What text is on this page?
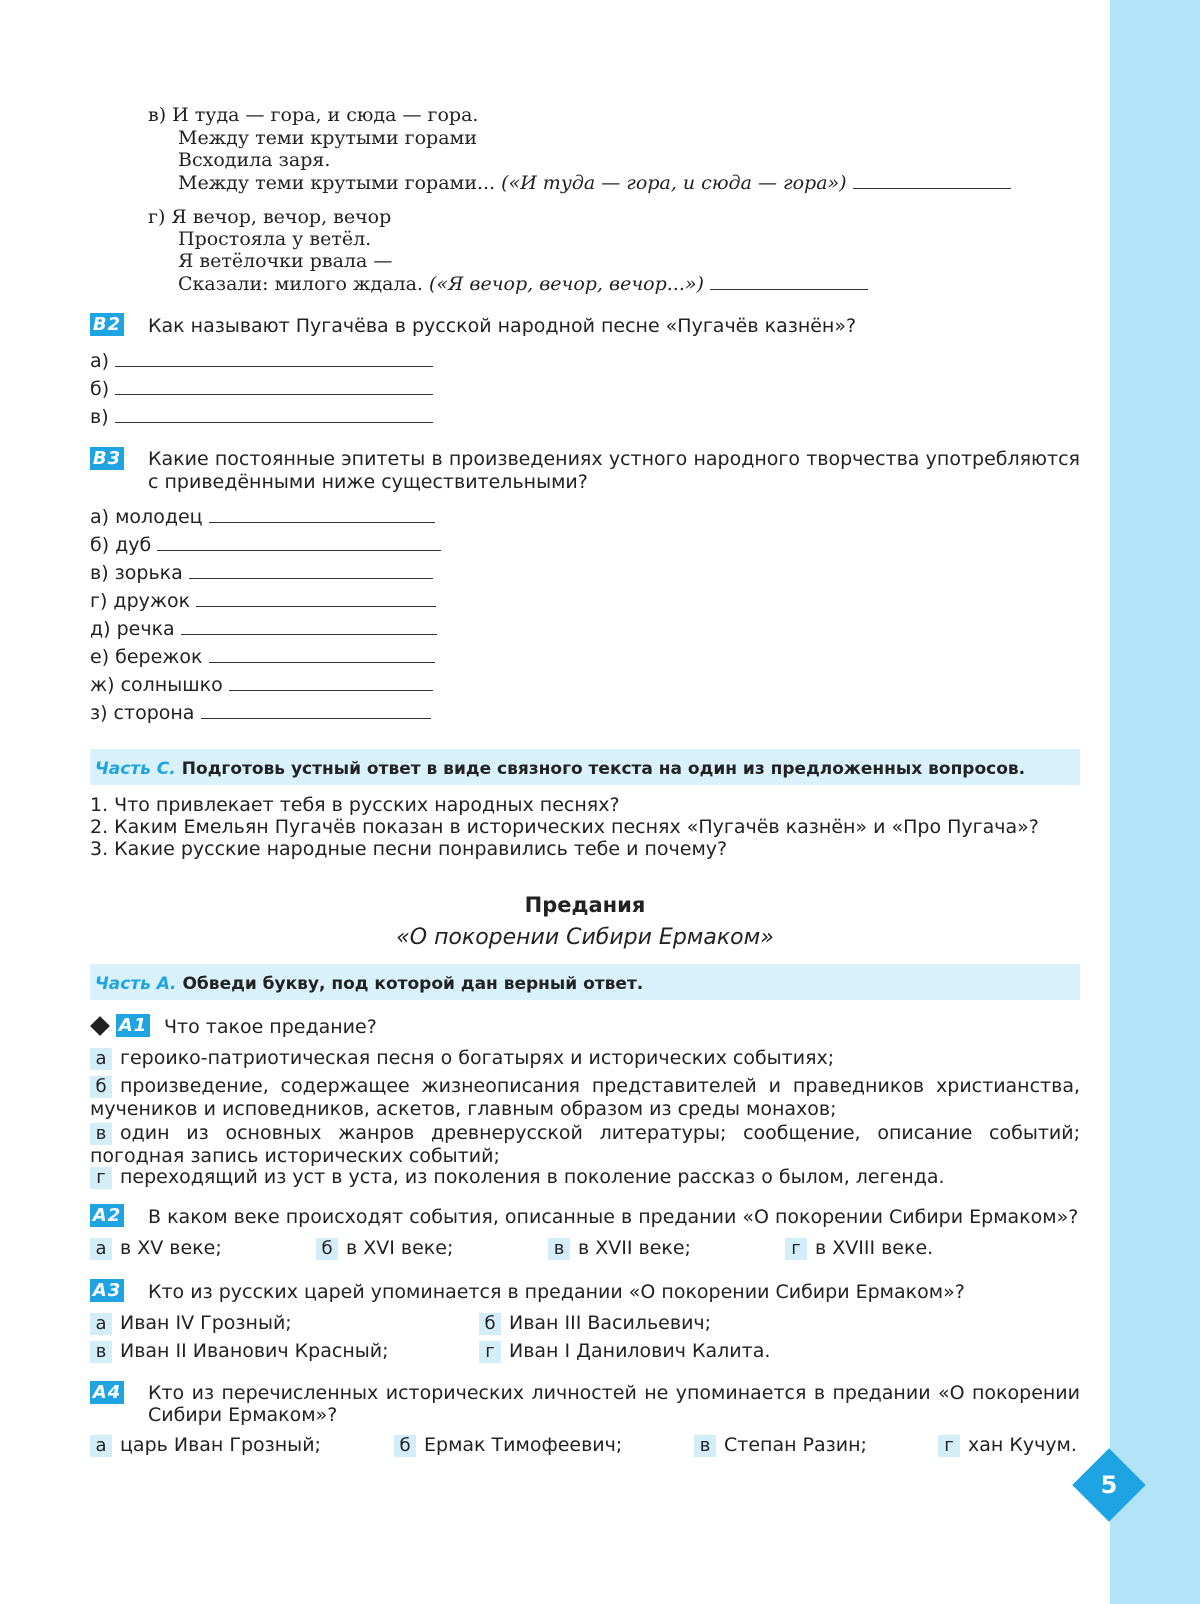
5
в) И туда — гора, и сюда — гора.
Между теми крутыми горами
Всходила заря.
Между теми крутыми горами... («И туда — гора, и сюда — гора»)
г) Я вечор, вечор, вечор
Простояла у ветёл.
Я ветёлочки рвала —
Сказали: милого ждала. («Я вечор, вечор, вечор...»)
В2 Как называют Пугачёва в русской народной песне «Пугачёв казнён»?
а)
б)
в)
В3 Какие постоянные эпитеты в произведениях устного народного творчества употребляются с приведёнными ниже существительными?
а) молодец
б) дуб
в) зорька
г) дружок
д) речка
е) бережок
ж) солнышко
з) сторона
Часть С. Подготовь устный ответ в виде связного текста на один из предложенных вопросов.
1. Что привлекает тебя в русских народных песнях?
2. Каким Емельян Пугачёв показан в исторических песнях «Пугачёв казнён» и «Про Пугача»?
3. Какие русские народные песни понравились тебе и почему?
Предания
«О покорении Сибири Ермаком»
Часть А. Обведи букву, под которой дан верный ответ.
А1 Что такое предание?
а героико-патриотическая песня о богатырях и исторических событиях;
б произведение, содержащее жизнеописания представителей и праведников христианства, мучеников и исповедников, аскетов, главным образом из среды монахов;
в один из основных жанров древнерусской литературы; сообщение, описание событий; погодная запись исторических событий;
г переходящий из уст в уста, из поколения в поколение рассказ о былом, легенда.
А2 В каком веке происходят события, описанные в предании «О покорении Сибири Ермаком»?
а в XV веке;	б в XVI веке;	в в XVII веке;	г в XVIII веке.
А3 Кто из русских царей упоминается в предании «О покорении Сибири Ермаком»?
а Иван IV Грозный;	б Иван III Васильевич;
в Иван II Иванович Красный;	г Иван I Данилович Калита.
А4 Кто из перечисленных исторических личностей не упоминается в предании «О покорении Сибири Ермаком»?
а царь Иван Грозный;	б Ермак Тимофеевич;	в Степан Разин;	г хан Кучум.
